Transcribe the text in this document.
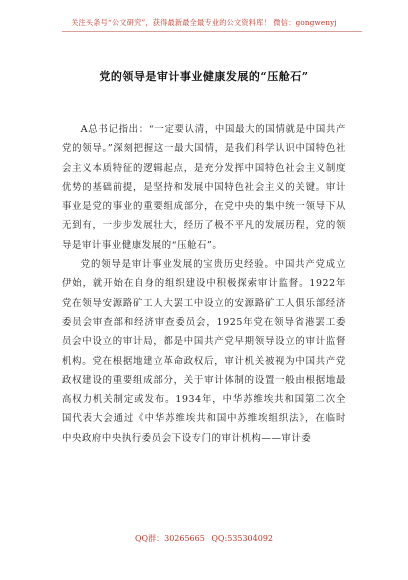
关注头条号“公文研究”，获得最新最全最专业的公文资料库！ 微信：gongwenyj
党的领导是审计事业健康发展的“压舱石”

A总书记指出：“一定要认清，中国最大的国情就是中国共产党的领导。”深刻把握这一最大国情，是我们科学认识中国特色社会主义本质特征的逻辑起点，是充分发挥中国特色社会主义制度优势的基础前提，是坚持和发展中国特色社会主义的关键。审计事业是党的事业的重要组成部分，在党中央的集中统一领导下从无到有，一步步发展壮大，经历了极不平凡的发展历程，党的领导是审计事业健康发展的“压舱石”。

党的领导是审计事业发展的宝贵历史经验。中国共产党成立伊始，就开始在自身的组织建设中积极探索审计监督。1922年党在领导安源路矿工人大罢工中设立的安源路矿工人俱乐部经济委员会审查部和经济审查委员会，1925年党在领导省港罢工委员会中设立的审计局，都是中国共产党早期领导设立的审计监督机构。党在根据地建立革命政权后，审计机关被视为中国共产党政权建设的重要组成部分，关于审计体制的设置一般由根据地最高权力机关制定或发布。1934年，中华苏维埃共和国第二次全国代表大会通过《中华苏维埃共和国中苏维埃组织法》，在临时中央政府中央执行委员会下设专门的审计机构——审计委

QQ群：30265665 QQ:535304092
